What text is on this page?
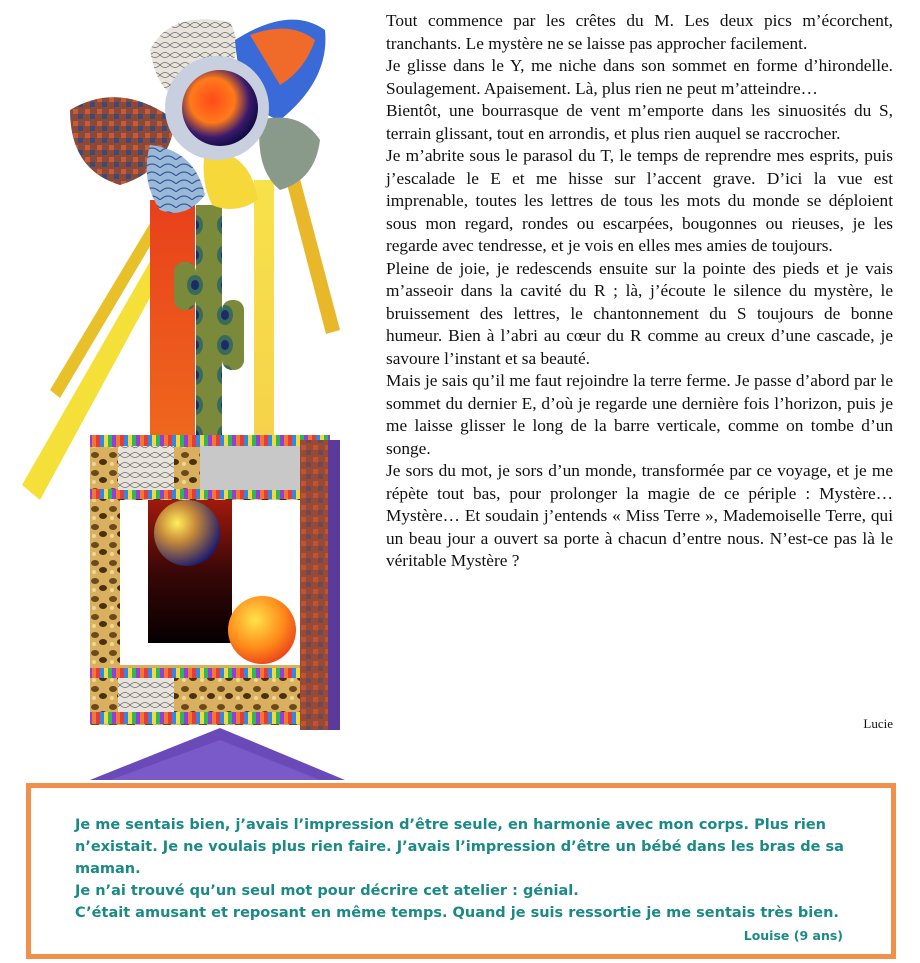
Tout commence par les crêtes du M. Les deux pics m’écorchent, tranchants. Le mystère ne se laisse pas approcher facilement.

Je glisse dans le Y, me niche dans son sommet en forme d’hirondelle. Soulagement. Apaisement. Là, plus rien ne peut m’atteindre…

Bientôt, une bourrasque de vent m’emporte dans les sinuosités du S, terrain glissant, tout en arrondis, et plus rien auquel se raccrocher.

Je m’abrite sous le parasol du T, le temps de reprendre mes esprits, puis j’escalade le E et me hisse sur l’accent grave. D’ici la vue est imprenable, toutes les lettres de tous les mots du monde se déploient sous mon regard, rondes ou escarpées, bougonnes ou rieuses, je les regarde avec tendresse, et je vois en elles mes amies de toujours.

Pleine de joie, je redescends ensuite sur la pointe des pieds et je vais m’asseoir dans la cavité du R ; là, j’écoute le silence du mystère, le bruissement des lettres, le chantonnement du S toujours de bonne humeur. Bien à l’abri au cœur du R comme au creux d’une cascade, je savoure l’instant et sa beauté.

Mais je sais qu’il me faut rejoindre la terre ferme. Je passe d’abord par le sommet du dernier E, d’où je regarde une dernière fois l’horizon, puis je me laisse glisser le long de la barre verticale, comme on tombe d’un songe.

Je sors du mot, je sors d’un monde, transformée par ce voyage, et je me répète tout bas, pour prolonger la magie de ce périple : Mystère… Mystère… Et soudain j’entends « Miss Terre », Mademoiselle Terre, qui un beau jour a ouvert sa porte à chacun d’entre nous. N’est-ce pas là le véritable Mystère ?

Lucie

Je me sentais bien, j’avais l’impression d’être seule, en harmonie avec mon corps. Plus rien n’existait. Je ne voulais plus rien faire. J’avais l’impression d’être un bébé dans les bras de sa maman.

Je n’ai trouvé qu’un seul mot pour décrire cet atelier : génial.

C’était amusant et reposant en même temps. Quand je suis ressortie je me sentais très bien.

Louise (9 ans)
